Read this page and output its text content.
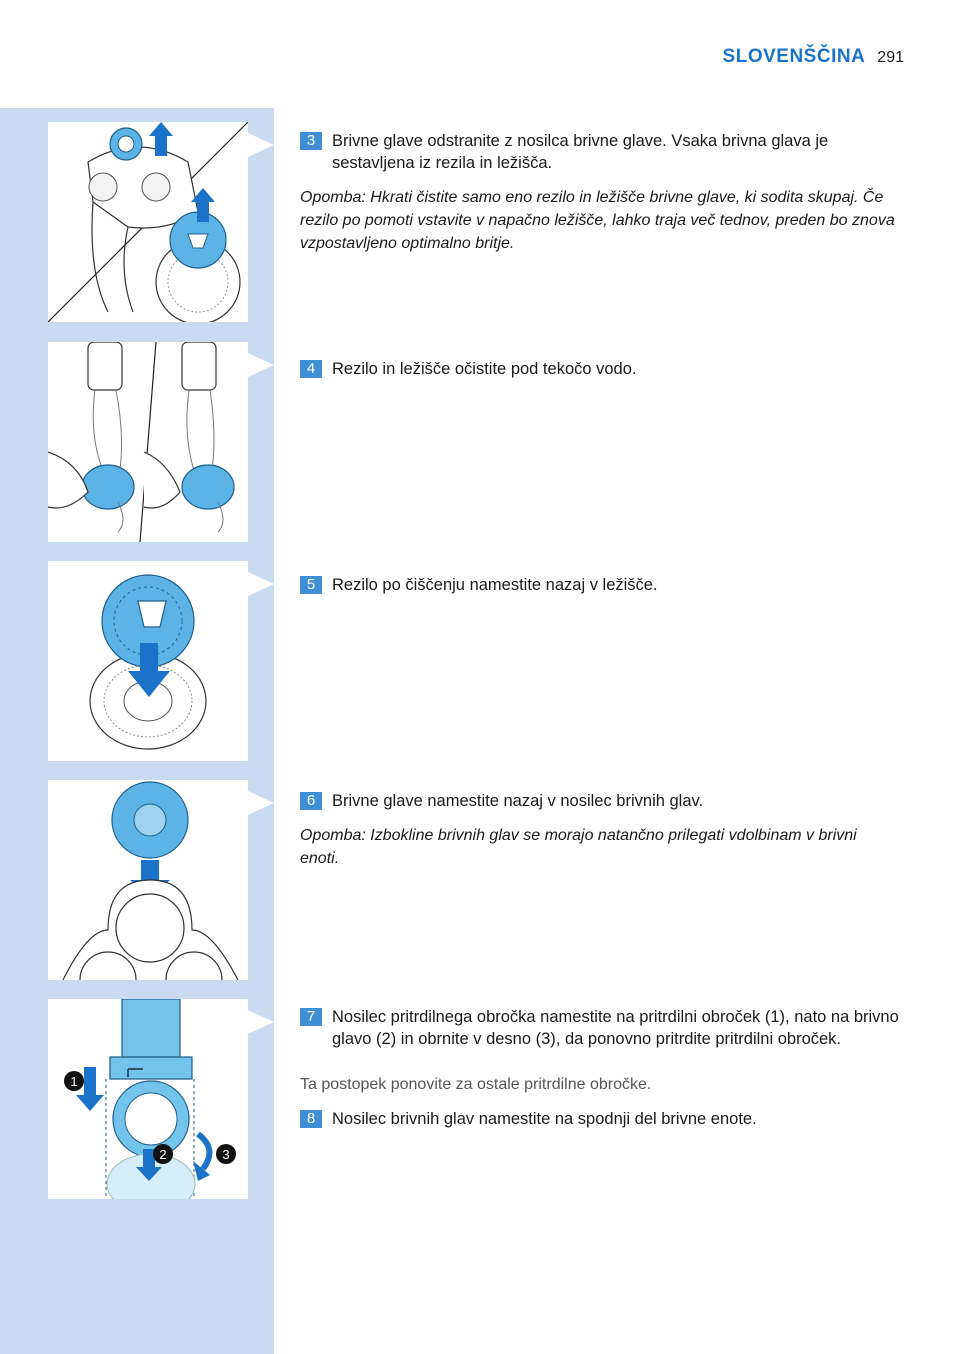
SLOVENŠČINA 291
1
2	3
3	Brivne glave odstranite z nosilca brivne glave. Vsaka brivna glava je sestavljena iz rezila in ležišča.
Opomba: Hkrati čistite samo eno rezilo in ležišče brivne glave, ki sodita skupaj. Če rezilo po pomoti vstavite v napačno ležišče, lahko traja več tednov, preden bo znova vzpostavljeno optimalno britje.
4	Rezilo in ležišče očistite pod tekočo vodo.
5	Rezilo po čiščenju namestite nazaj v ležišče.
6	Brivne glave namestite nazaj v nosilec brivnih glav.
Opomba: Izbokline brivnih glav se morajo natančno prilegati vdolbinam v brivni enoti.
7	Nosilec pritrdilnega obročka namestite na pritrdilni obroček (1), nato na brivno glavo (2) in obrnite v desno (3), da ponovno pritrdite pritrdilni obroček.
Ta postopek ponovite za ostale pritrdilne obročke.
8	Nosilec brivnih glav namestite na spodnji del brivne enote.
